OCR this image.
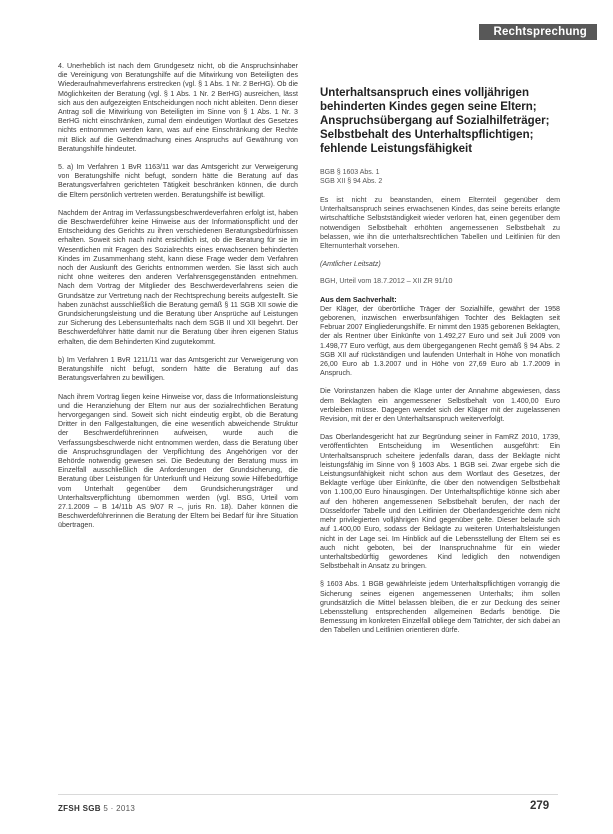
Rechtsprechung

4. Unerheblich ist nach dem Grundgesetz nicht, ob die Anspruchsinhaber die Vereinigung von Beratungshilfe auf die Mitwirkung von Beteiligten des Wiederaufnahmeverfahrens erstrecken (vgl. § 1 Abs. 1 Nr. 2 BerHG). Ob die Möglichkeiten der Beratung (vgl. § 1 Abs. 1 Nr. 2 BerHG) ausreichen, lässt sich aus den aufgezeigten Entscheidungen noch nicht ableiten. Denn dieser Antrag soll die Mitwirkung von Beteiligten im Sinne von § 1 Abs. 1 Nr. 3 BerHG nicht einschränken, zumal dem eindeutigen Wortlaut des Gesetzes nichts entnommen werden kann, was auf eine Einschränkung der Rechte mit Blick auf die Geltendmachung eines Anspruchs auf Gewährung von Beratungshilfe hindeutet.

5. a) Im Verfahren 1 BvR 1163/11 war das Amtsgericht zur Verweigerung von Beratungshilfe nicht befugt, sondern hätte die Beratung auf das Beratungsverfahren gerichteten Tätigkeit beschränken können, die durch die Eltern persönlich vertreten werden. Beratungshilfe ist bewilligt.

Nachdem der Antrag im Verfassungsbeschwerdeverfahren erfolgt ist, haben die Beschwerdeführer keine Hinweise aus der Informationspflicht und der Entscheidung des Gerichts zu ihren verschiedenen Beratungsbedürfnissen erhalten. Soweit sich nach nicht ersichtlich ist, ob die Beratung für sie im Wesentlichen mit Fragen des Sozialrechts eines erwachsenen behinderten Kindes im Zusammenhang steht, kann diese Frage weder dem Verfahren noch der Auskunft des Gerichts entnommen werden. Sie lässt sich auch nicht ohne weiteres den anderen Verfahrensgegenständen entnehmen. Nach dem Vortrag der Mitglieder des Beschwerdeverfahrens seien die Grundsätze zur Vertretung nach der Rechtsprechung bereits aufgestellt. Sie haben zunächst ausschließlich die Beratung gemäß § 11 SGB XII sowie die Grundsicherungsleistung und die Beratung über Ansprüche auf Leistungen zur Sicherung des Lebensunterhalts nach dem SGB II und XII begehrt. Der Beschwerdeführer hätte damit nur die Beratung über ihren eigenen Status erhalten, die dem Behinderten Kind zugutekommt.

b) Im Verfahren 1 BvR 1211/11 war das Amtsgericht zur Verweigerung von Beratungshilfe nicht befugt, sondern hätte die Beratung auf das Beratungsverfahren zu bewilligen.

Nach ihrem Vortrag liegen keine Hinweise vor, dass die Informationsleistung und die Heranziehung der Eltern nur aus der sozialrechtlichen Beratung hervorgegangen sind. Soweit sich nicht eindeutig ergibt, ob die Beratung Dritter in den Fallgestaltungen, die eine wesentlich abweichende Struktur der Beschwerdeführerinnen aufweisen, wurde auch die Verfassungsbeschwerde nicht entnommen werden, dass die Beratung über die Anspruchsgrundlagen der Verpflichtung des Angehörigen vor der Behörde notwendig gewesen sei. Die Bedeutung der Beratung muss im Einzelfall ausschließlich die Anforderungen der Grundsicherung, die Beratung über Leistungen für Unterkunft und Heizung sowie Hilfebedürftige vom Unterhalt gegenüber dem Grundsicherungsträger und Unterhaltsverpflichtung übernommen werden (vgl. BSG, Urteil vom 27.1.2009 – B 14/11b AS 9/07 R –, juris Rn. 18). Daher können die Beschwerdeführerinnen die Beratung der Eltern bei Bedarf für ihre Situation übertragen.

Unterhaltsanspruch eines volljährigen behinderten Kindes gegen seine Eltern; Anspruchsübergang auf Sozialhilfeträger; Selbstbehalt des Unterhaltspflichtigen; fehlende Leistungsfähigkeit
BGB § 1603 Abs. 1
SGB XII § 94 Abs. 2

Es ist nicht zu beanstanden, einem Elternteil gegenüber dem Unterhaltsanspruch seines erwachsenen Kindes, das seine bereits erlangte wirtschaftliche Selbstständigkeit wieder verloren hat, einen gegenüber dem notwendigen Selbstbehalt erhöhten angemessenen Selbstbehalt zu belassen, wie ihn die unterhaltsrechtlichen Tabellen und Leitlinien für den Elternunterhalt vorsehen.

(Amtlicher Leitsatz)

BGH, Urteil vom 18.7.2012 – XII ZR 91/10

Aus dem Sachverhalt:

Der Kläger, der überörtliche Träger der Sozialhilfe, gewährt der 1958 geborenen, inzwischen erwerbsunfähigen Tochter des Beklagten seit Februar 2007 Eingliederungshilfe. Er nimmt den 1935 geborenen Beklagten, der als Rentner über Einkünfte von 1.492,27 Euro und seit Juli 2009 von 1.498,77 Euro verfügt, aus dem übergegangenen Recht gemäß § 94 Abs. 2 SGB XII auf rückständigen und laufenden Unterhalt in Höhe von monatlich 26,00 Euro ab 1.3.2007 und in Höhe von 27,69 Euro ab 1.7.2009 in Anspruch.

Die Vorinstanzen haben die Klage unter der Annahme abgewiesen, dass dem Beklagten ein angemessener Selbstbehalt von 1.400,00 Euro verbleiben müsse. Dagegen wendet sich der Kläger mit der zugelassenen Revision, mit der er den Unterhaltsanspruch weiterverfolgt.

Das Oberlandesgericht hat zur Begründung seiner in FamRZ 2010, 1739, veröffentlichten Entscheidung im Wesentlichen ausgeführt: Ein Unterhaltsanspruch scheitere jedenfalls daran, dass der Beklagte nicht leistungsfähig im Sinne von § 1603 Abs. 1 BGB sei. Zwar ergebe sich die Leistungsunfähigkeit nicht schon aus dem Wortlaut des Gesetzes, der Beklagte verfüge über Einkünfte, die über den notwendigen Selbstbehalt von 1.100,00 Euro hinausgingen. Der Unterhaltspflichtige könne sich aber auf den höheren angemessenen Selbstbehalt berufen, der nach der Düsseldorfer Tabelle und den Leitlinien der Oberlandesgerichte dem nicht mehr privilegierten volljährigen Kind gegenüber gelte. Dieser belaufe sich auf 1.400,00 Euro, sodass der Beklagte zu weiteren Unterhaltsleistungen nicht in der Lage sei. Im Hinblick auf die Lebensstellung der Eltern sei es auch nicht geboten, bei der Inanspruchnahme für ein wieder unterhaltsbedürftig gewordenes Kind lediglich den notwendigen Selbstbehalt in Ansatz zu bringen.

§ 1603 Abs. 1 BGB gewährleiste jedem Unterhaltspflichtigen vorrangig die Sicherung seines eigenen angemessenen Unterhalts; ihm sollen grundsätzlich die Mittel belassen bleiben, die er zur Deckung des seiner Lebensstellung entsprechenden allgemeinen Bedarfs benötige. Die Bemessung im konkreten Einzelfall obliege dem Tatrichter, der sich dabei an den Tabellen und Leitlinien orientieren dürfe.

ZFSH SGB 5 · 2013	279
